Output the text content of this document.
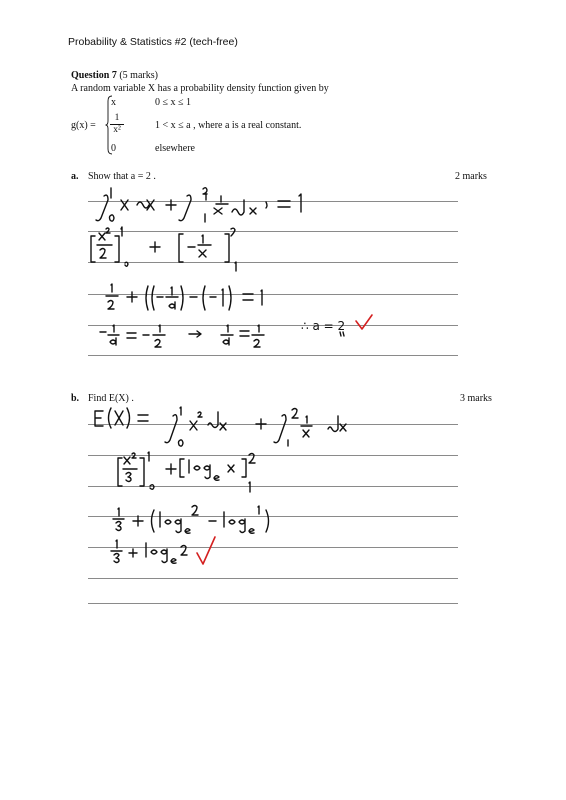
Probability & Statistics #2 (tech-free)
Question 7 (5 marks)
A random variable X has a probability density function given by
g(x) =
x	0 ≤ x ≤ 1
$\frac{1}{\text{x²}}$	1 < x ≤ a , where a is a real constant.
0	elsewhere
a. Show that a = 2 .	2 marks
b. Find E(X) .	3 marks
∴ a = 2
